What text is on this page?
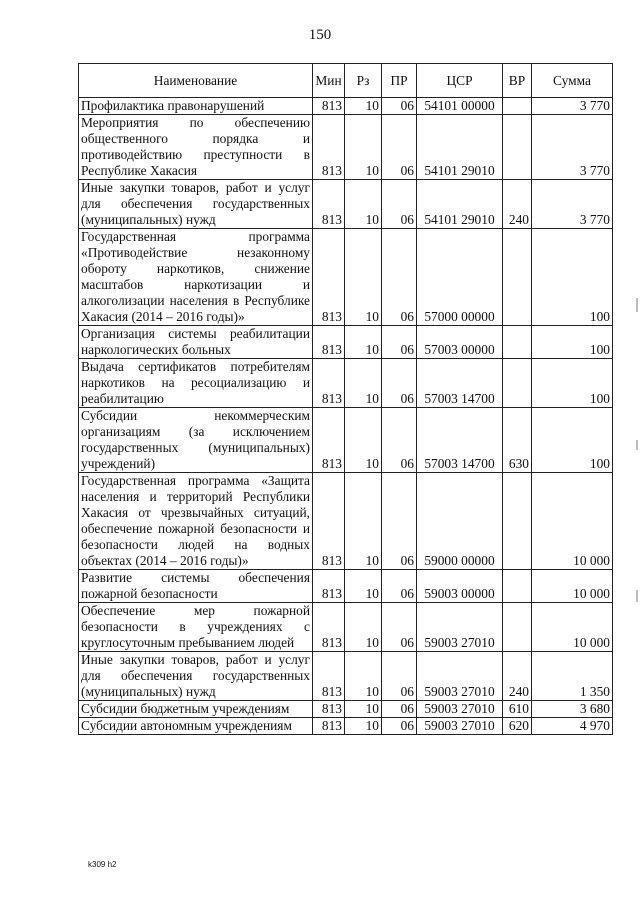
150
Наименование	Мин	Рз	ПР	ЦСР	ВР	Сумма
Профилактика правонарушений	813	10	06	54101 00000		3 770
Мероприятия по обеспечению общественного порядка и противодействию преступности в Республике Хакасия	813	10	06	54101 29010		3 770
Иные закупки товаров, работ и услуг для обеспечения государственных (муниципальных) нужд	813	10	06	54101 29010	240	3 770
Государственная программа «Противодействие незаконному обороту наркотиков, снижение масштабов наркотизации и алкоголизации населения в Республике Хакасия (2014 – 2016 годы)»	813	10	06	57000 00000		100
Организация системы реабилитации наркологических больных	813	10	06	57003 00000		100
Выдача сертификатов потребителям наркотиков на ресоциализацию и реабилитацию	813	10	06	57003 14700		100
Субсидии некоммерческим организациям (за исключением государственных (муниципальных) учреждений)	813	10	06	57003 14700	630	100
Государственная программа «Защита населения и территорий Республики Хакасия от чрезвычайных ситуаций, обеспечение пожарной безопасности и безопасности людей на водных объектах (2014 – 2016 годы)»	813	10	06	59000 00000		10 000
Развитие системы обеспечения пожарной безопасности	813	10	06	59003 00000		10 000
Обеспечение мер пожарной безопасности в учреждениях с круглосуточным пребыванием людей	813	10	06	59003 27010		10 000
Иные закупки товаров, работ и услуг для обеспечения государственных (муниципальных) нужд	813	10	06	59003 27010	240	1 350
Субсидии бюджетным учреждениям	813	10	06	59003 27010	610	3 680
Субсидии автономным учреждениям	813	10	06	59003 27010	620	4 970
k309 h2
